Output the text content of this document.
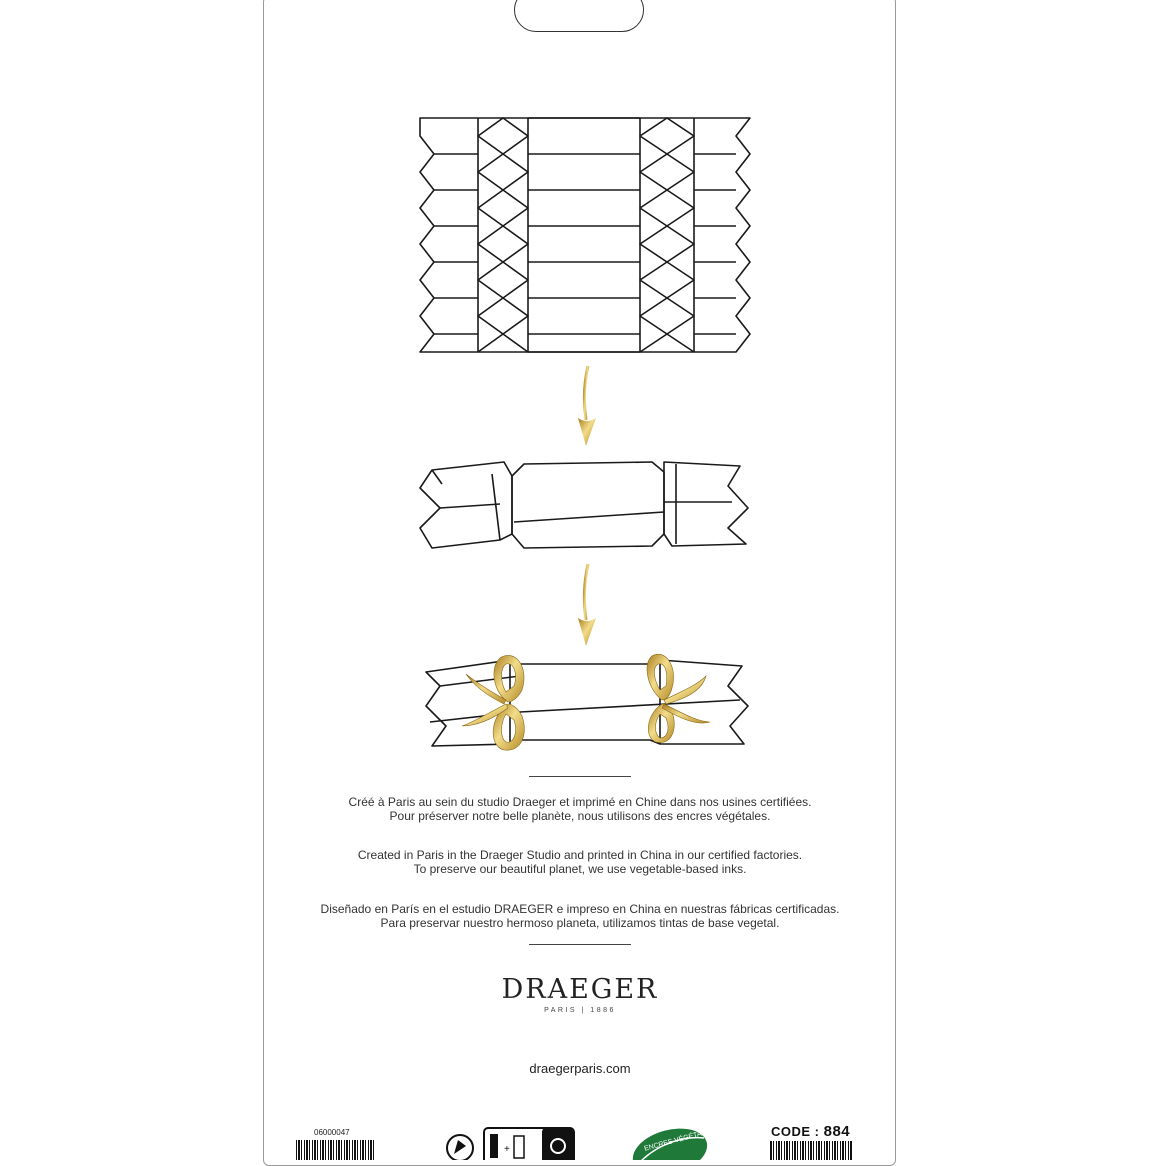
+	ENCRES VÉGÉTALES
Créé à Paris au sein du studio Draeger et imprimé en Chine dans nos usines certifiées.
Pour préserver notre belle planète, nous utilisons des encres végétales.
Created in Paris in the Draeger Studio and printed in China in our certified factories.
To preserve our beautiful planet, we use vegetable-based inks.
Diseñado en París en el estudio DRAEGER e impreso en China en nuestras fábricas certificadas.
Para preservar nuestro hermoso planeta, utilizamos tintas de base vegetal.
DRAEGER
PARIS | 1886
draegerparis.com
06000047	CODE : 884
